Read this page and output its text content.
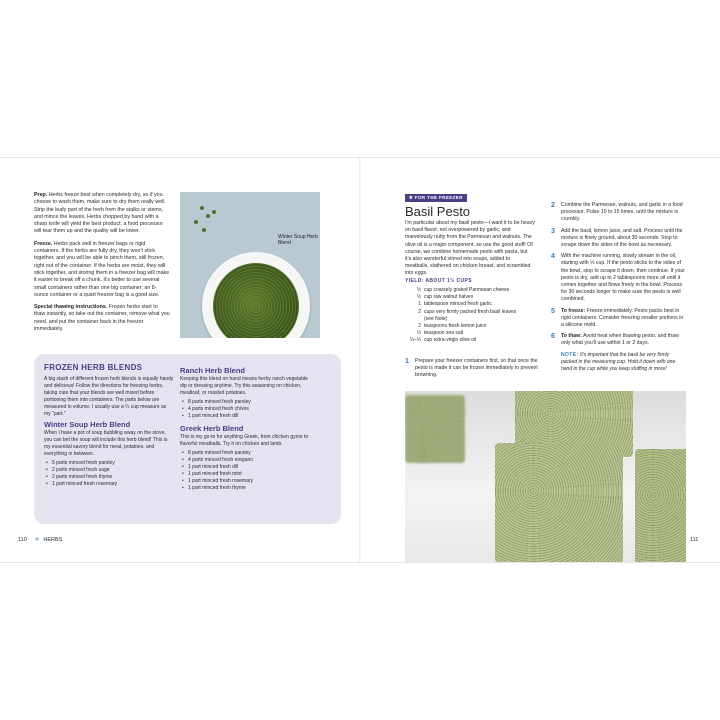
Prep. Herbs freeze best when completely dry, so if you choose to wash them, make sure to dry them really well. Strip the leafy part of the herb from the stalks or stems, and mince the leaves. Herbs chopped by hand with a sharp knife will yield the best product; a food processor will tear them up and the quality will be lower.

Freeze. Herbs pack well in freezer bags or rigid containers. If the herbs are fully dry, they won't stick together, and you will be able to pinch them, still frozen, right out of the container. If the herbs are moist, they will stick together, and storing them in a freezer bag will make it easier to break off a chunk. It's better to use several small containers rather than one big container; an 8-ounce container or a quart freezer bag is a good size.

Special thawing instructions. Frozen herbs start to thaw instantly, so take out the container, remove what you need, and put the container back in the freezer immediately.

Winter Soup Herb Blend
FROZEN HERB BLENDS

A big stash of different frozen herb blends is equally handy and delicious! Follow the directions for freezing herbs, taking care that your blends are well mixed before portioning them into containers. The parts below are measured in volume. I usually use a ¼ cup measure as my "part."

Winter Soup Herb Blend

When I have a pot of soup bubbling away on the stove, you can bet the soup will include this herb blend! This is my essential savory blend for meat, potatoes, and everything in between.

• 5 parts minced fresh parsley
• 2 parts minced fresh sage
• 2 parts minced fresh thyme
• 1 part minced fresh rosemary
Ranch Herb Blend

Keeping this blend on hand means herby ranch vegetable dip or dressing anytime. Try this seasoning on chicken, meatloaf, or roasted potatoes.

• 8 parts minced fresh parsley
• 4 parts minced fresh chives
• 1 part minced fresh dill
Greek Herb Blend

This is my go-to for anything Greek, from chicken gyros to flavorful meatballs. Try it on chicken and lamb.

• 8 parts minced fresh parsley
• 4 parts minced fresh oregano
• 1 part minced fresh dill
• 1 part minced fresh mint
• 1 part minced fresh rosemary
• 1 part minced fresh thyme
110 ✲ HERBS
❄ FOR THE FREEZER
Basil Pesto

I'm particular about my basil pesto—I want it to be heavy on basil flavor, not overpowered by garlic, and marvelously nutty from the Parmesan and walnuts. The olive oil is a major component, so use the good stuff! Of course, we combine homemade pesto with pasta, but it's also wonderful stirred into soups, added to meatballs, slathered on chicken breast, and scrambled into eggs.

YIELD: ABOUT 1½ CUPS
½ cup coarsely grated Parmesan cheese
½ cup raw walnut halves
1 tablespoon minced fresh garlic
2 cups very firmly packed fresh basil leaves
(see Note)
2 teaspoons fresh lemon juice
½ teaspoon sea salt
⅓–½ cup extra-virgin olive oil
1	Prepare your freezer containers first, so that once the pesto is made it can be frozen immediately to prevent browning.
2	Combine the Parmesan, walnuts, and garlic in a food processor. Pulse 10 to 15 times, until the mixture is crumbly.
3	Add the basil, lemon juice, and salt. Process until the mixture is finely ground, about 30 seconds. Stop to scrape down the sides of the bowl as necessary.
4	With the machine running, slowly stream in the oil, starting with ⅓ cup. If the pesto sticks to the sides of the bowl, stop to scrape it down, then continue. If your pesto is dry, add up to 2 tablespoons more oil until it comes together and flows freely in the bowl. Process for 30 seconds longer to make sure the pesto is well combined.
5	To freeze: Freeze immediately. Pesto packs best in rigid containers. Consider freezing smaller portions in a silicone mold.
6	To thaw: Avoid heat when thawing pesto, and thaw only what you'll use within 1 or 2 days.
NOTE: It's important that the basil be very firmly packed in the measuring cup. Hold it down with one hand in the cup while you keep stuffing in more!
111
